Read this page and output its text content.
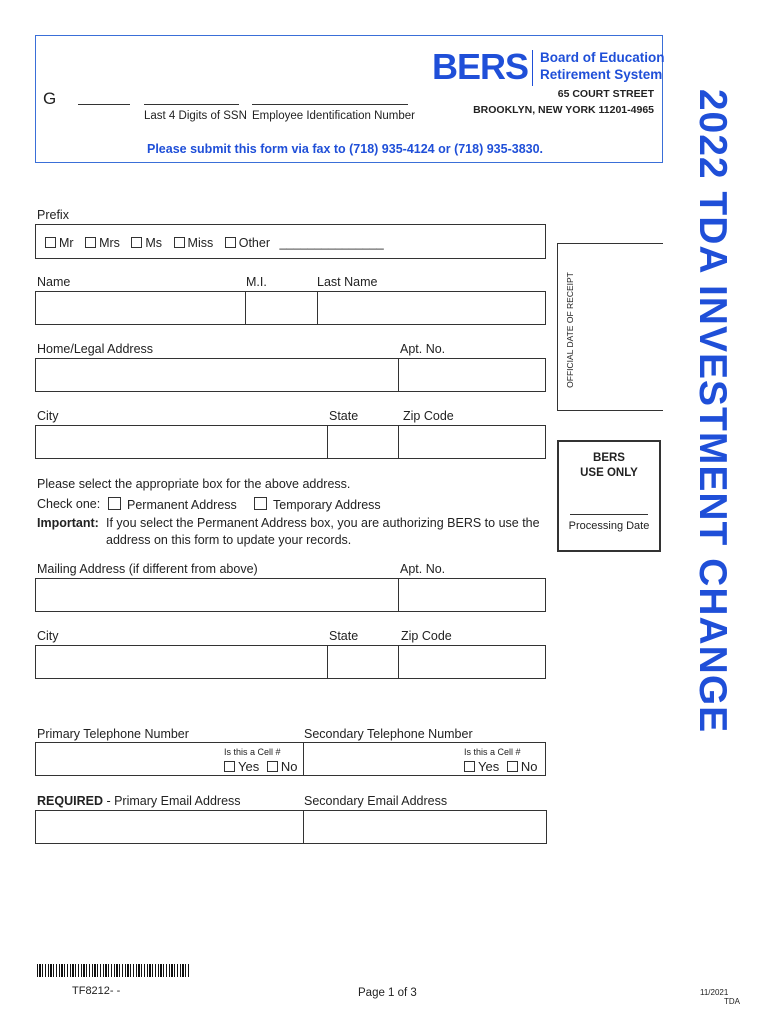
G
Last 4 Digits of SSN Employee Identification Number
BERS Board of Education
Retirement System
65 COURT STREET
BROOKLYN, NEW YORK 11201-4965
Please submit this form via fax to (718) 935-4124 or (718) 935-3830.	2022 TDA INVESTMENT CHANGE
OFFICIAL DATE OF RECEIPT
BERS
USE ONLY
Processing Date
Prefix
Mr Mrs Ms Miss Other _______________
Name	M.I.	Last Name
Home/Legal Address	Apt. No.
City	State	Zip Code
Please select the appropriate box for the above address.
Check one:	Permanent Address	Temporary Address
Important: If you select the Permanent Address box, you are authorizing BERS to use the
address on this form to update your records.
Mailing Address (if different from above)	Apt. No.
City	State	Zip Code
Primary Telephone Number	Secondary Telephone Number
Is this a Cell #
Yes No
Is this a Cell #
Yes No
REQUIRED - Primary Email Address	Secondary Email Address
TF8212- -	Page 1 of 3	11/2021
TDA
